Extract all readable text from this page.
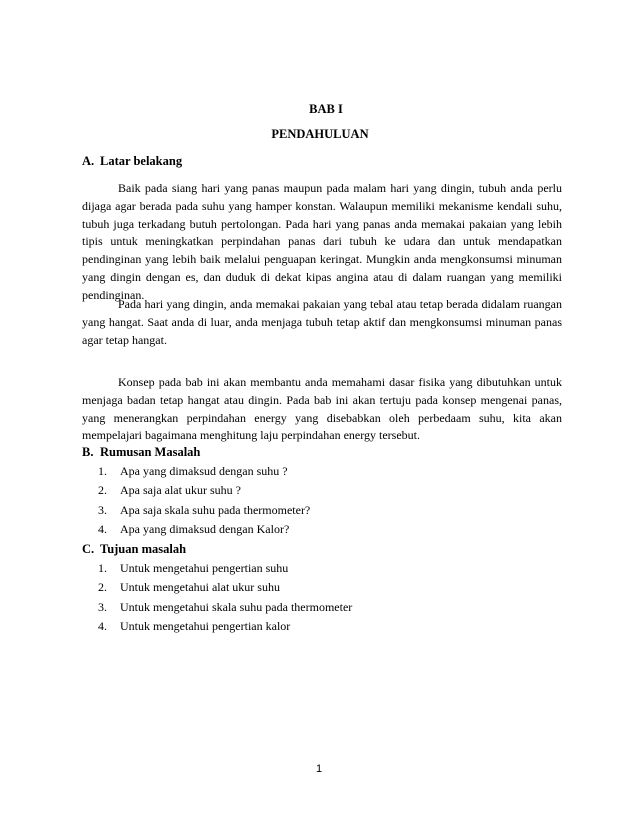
BAB I
PENDAHULUAN
A. Latar belakang

Baik pada siang hari yang panas maupun pada malam hari yang dingin, tubuh anda perlu dijaga agar berada pada suhu yang hamper konstan. Walaupun memiliki mekanisme kendali suhu, tubuh juga terkadang butuh pertolongan. Pada hari yang panas anda memakai pakaian yang lebih tipis untuk meningkatkan perpindahan panas dari tubuh ke udara dan untuk mendapatkan pendinginan yang lebih baik melalui penguapan keringat. Mungkin anda mengkonsumsi minuman yang dingin dengan es, dan duduk di dekat kipas angina atau di dalam ruangan yang memiliki pendinginan.

Pada hari yang dingin, anda memakai pakaian yang tebal atau tetap berada didalam ruangan yang hangat. Saat anda di luar, anda menjaga tubuh tetap aktif dan mengkonsumsi minuman panas agar tetap hangat.

Konsep pada bab ini akan membantu anda memahami dasar fisika yang dibutuhkan untuk menjaga badan tetap hangat atau dingin. Pada bab ini akan tertuju pada konsep mengenai panas, yang menerangkan perpindahan energy yang disebabkan oleh perbedaam suhu, kita akan mempelajari bagaimana menghitung laju perpindahan energy tersebut.

B. Rumusan Masalah
1. Apa yang dimaksud dengan suhu ?
2. Apa saja alat ukur suhu ?
3. Apa saja skala suhu pada thermometer?
4. Apa yang dimaksud dengan Kalor?
C. Tujuan masalah
1. Untuk mengetahui pengertian suhu
2. Untuk mengetahui alat ukur suhu
3. Untuk mengetahui skala suhu pada thermometer
4. Untuk mengetahui pengertian kalor
1
